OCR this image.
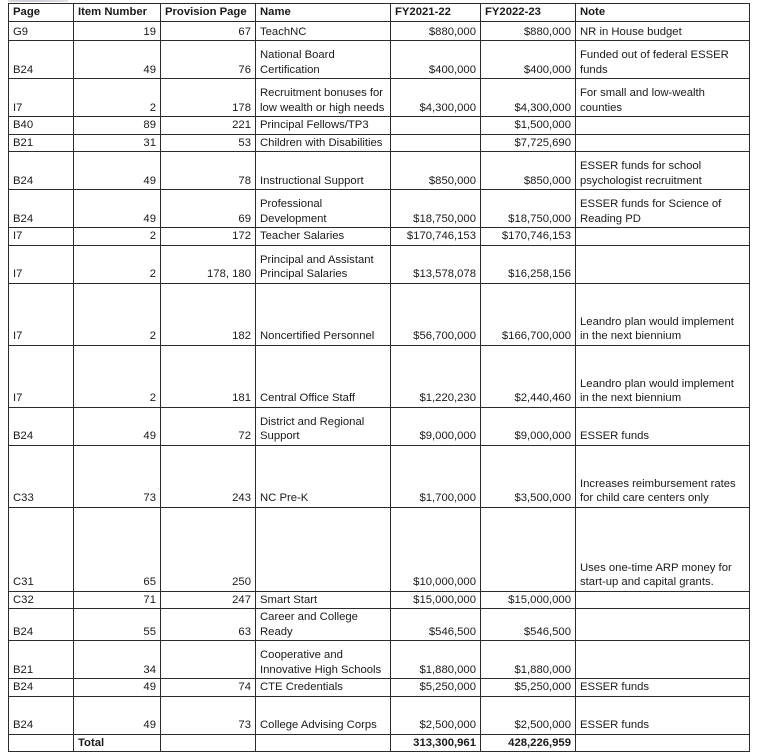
Page	Item Number	Provision Page	Name	FY2021-22	FY2022-23	Note
G9	19	67	TeachNC	$880,000	$880,000	NR in House budget
B24	49	76	National Board Certification	$400,000	$400,000	Funded out of federal ESSER funds
I7	2	178	Recruitment bonuses for low wealth or high needs	$4,300,000	$4,300,000	For small and low-wealth counties
B40	89	221	Principal Fellows/TP3		$1,500,000	
B21	31	53	Children with Disabilities		$7,725,690	
B24	49	78	Instructional Support	$850,000	$850,000	ESSER funds for school psychologist recruitment
B24	49	69	Professional Development	$18,750,000	$18,750,000	ESSER funds for Science of Reading PD
I7	2	172	Teacher Salaries	$170,746,153	$170,746,153	
I7	2	178, 180	Principal and Assistant Principal Salaries	$13,578,078	$16,258,156	
I7	2	182	Noncertified Personnel	$56,700,000	$166,700,000	Leandro plan would implement in the next biennium
I7	2	181	Central Office Staff	$1,220,230	$2,440,460	Leandro plan would implement in the next biennium
B24	49	72	District and Regional Support	$9,000,000	$9,000,000	ESSER funds
C33	73	243	NC Pre-K	$1,700,000	$3,500,000	Increases reimbursement rates for child care centers only
C31	65	250		$10,000,000		Uses one-time ARP money for start-up and capital grants.
C32	71	247	Smart Start	$15,000,000	$15,000,000	
B24	55	63	Career and College Ready	$546,500	$546,500	
B21	34		Cooperative and Innovative High Schools	$1,880,000	$1,880,000	
B24	49	74	CTE Credentials	$5,250,000	$5,250,000	ESSER funds
B24	49	73	College Advising Corps	$2,500,000	$2,500,000	ESSER funds
	Total			313,300,961	428,226,959	
